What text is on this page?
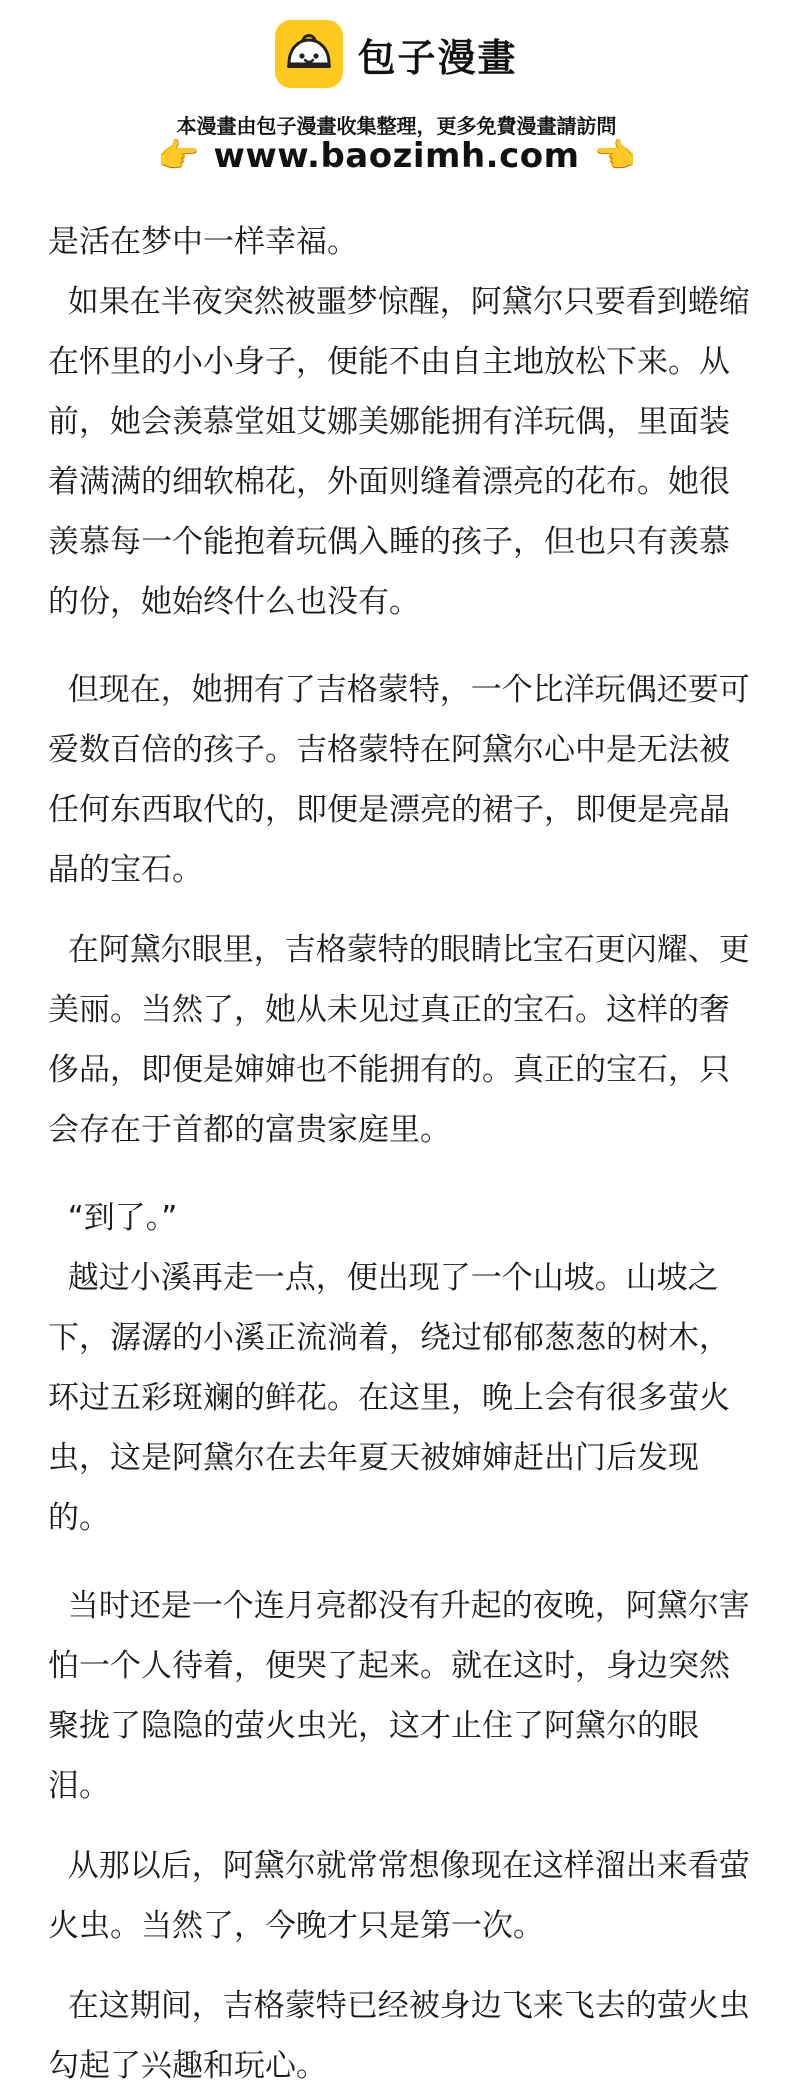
包子漫畫
本漫畫由包子漫畫收集整理，更多免費漫畫請訪問
👉 www.baozimh.com 👈

是活在梦中一样幸福。
如果在半夜突然被噩梦惊醒，阿黛尔只要看到蜷缩在怀里的小小身子，便能不由自主地放松下来。从前，她会羡慕堂姐艾娜美娜能拥有洋玩偶，里面装着满满的细软棉花，外面则缝着漂亮的花布。她很羡慕每一个能抱着玩偶入睡的孩子，但也只有羡慕的份，她始终什么也没有。

但现在，她拥有了吉格蒙特，一个比洋玩偶还要可爱数百倍的孩子。吉格蒙特在阿黛尔心中是无法被任何东西取代的，即便是漂亮的裙子，即便是亮晶晶的宝石。

在阿黛尔眼里，吉格蒙特的眼睛比宝石更闪耀、更美丽。当然了，她从未见过真正的宝石。这样的奢侈品，即便是婶婶也不能拥有的。真正的宝石，只会存在于首都的富贵家庭里。

“到了。”
越过小溪再走一点，便出现了一个山坡。山坡之下，潺潺的小溪正流淌着，绕过郁郁葱葱的树木，环过五彩斑斓的鲜花。在这里，晚上会有很多萤火虫，这是阿黛尔在去年夏天被婶婶赶出门后发现的。

当时还是一个连月亮都没有升起的夜晚，阿黛尔害怕一个人待着，便哭了起来。就在这时，身边突然聚拢了隐隐的萤火虫光，这才止住了阿黛尔的眼泪。

从那以后，阿黛尔就常常想像现在这样溜出来看萤火虫。当然了，今晚才只是第一次。

在这期间，吉格蒙特已经被身边飞来飞去的萤火虫勾起了兴趣和玩心。
